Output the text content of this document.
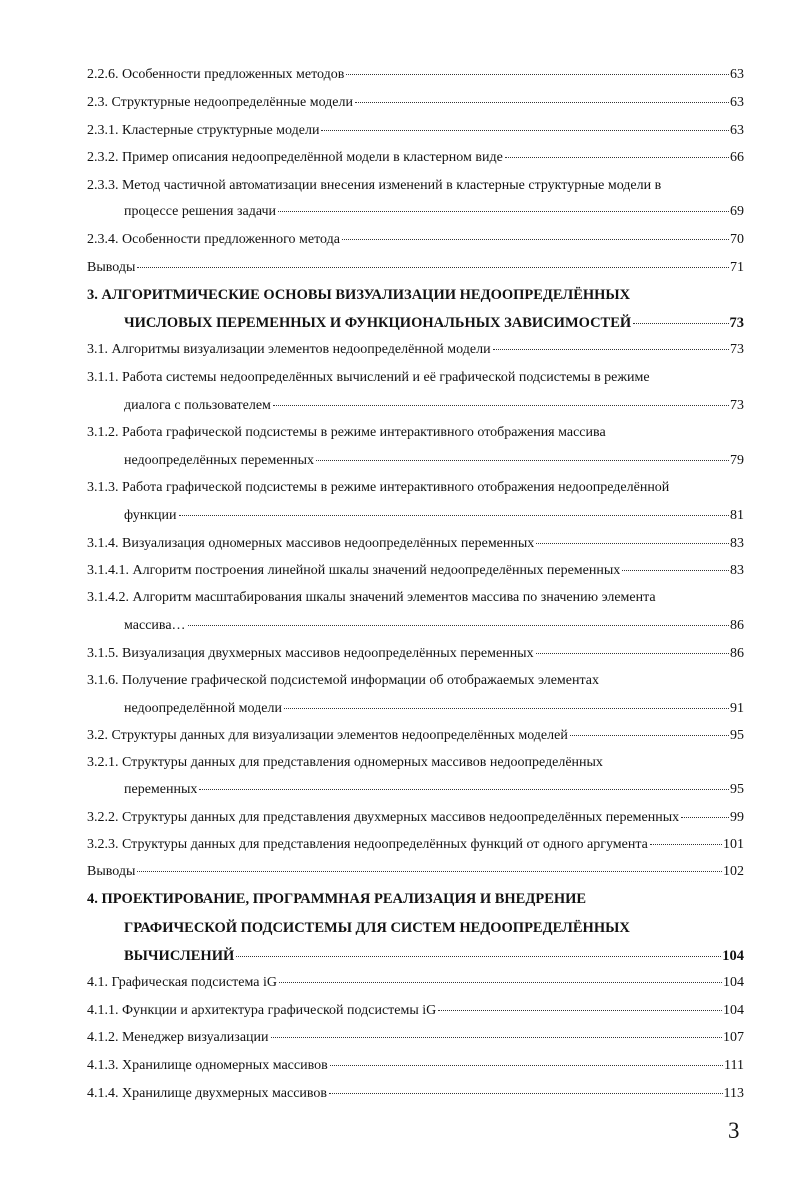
2.2.6. Особенности предложенных методов	63
2.3. Структурные недоопределённые модели	63
2.3.1. Кластерные структурные модели	63
2.3.2. Пример описания недоопределённой модели в кластерном виде	66
2.3.3. Метод частичной автоматизации внесения изменений в кластерные структурные модели в
процессе решения задачи	69
2.3.4. Особенности предложенного метода	70
Выводы	71
3. АЛГОРИТМИЧЕСКИЕ ОСНОВЫ ВИЗУАЛИЗАЦИИ НЕДООПРЕДЕЛЁННЫХ
ЧИСЛОВЫХ ПЕРЕМЕННЫХ И ФУНКЦИОНАЛЬНЫХ ЗАВИСИМОСТЕЙ	73
3.1. Алгоритмы визуализации элементов недоопределённой модели	73
3.1.1. Работа системы недоопределённых вычислений и её графической подсистемы в режиме
диалога с пользователем	73
3.1.2. Работа графической подсистемы в режиме интерактивного отображения массива
недоопределённых переменных	79
3.1.3. Работа графической подсистемы в режиме интерактивного отображения недоопределённой
функции	81
3.1.4. Визуализация одномерных массивов недоопределённых переменных	83
3.1.4.1. Алгоритм построения линейной шкалы значений недоопределённых переменных	83
3.1.4.2. Алгоритм масштабирования шкалы значений элементов массива по значению элемента
массива…	86
3.1.5. Визуализация двухмерных массивов недоопределённых переменных	86
3.1.6. Получение графической подсистемой информации об отображаемых элементах
недоопределённой модели	91
3.2. Структуры данных для визуализации элементов недоопределённых моделей	95
3.2.1. Структуры данных для представления одномерных массивов недоопределённых
переменных	95
3.2.2. Структуры данных для представления двухмерных массивов недоопределённых переменных	99
3.2.3. Структуры данных для представления недоопределённых функций от одного аргумента	101
Выводы	102
4. ПРОЕКТИРОВАНИЕ, ПРОГРАММНАЯ РЕАЛИЗАЦИЯ И ВНЕДРЕНИЕ
ГРАФИЧЕСКОЙ ПОДСИСТЕМЫ ДЛЯ СИСТЕМ НЕДООПРЕДЕЛЁННЫХ
ВЫЧИСЛЕНИЙ	104
4.1. Графическая подсистема iG	104
4.1.1. Функции и архитектура графической подсистемы iG	104
4.1.2. Менеджер визуализации	107
4.1.3. Хранилище одномерных массивов	111
4.1.4. Хранилище двухмерных массивов	113
3
